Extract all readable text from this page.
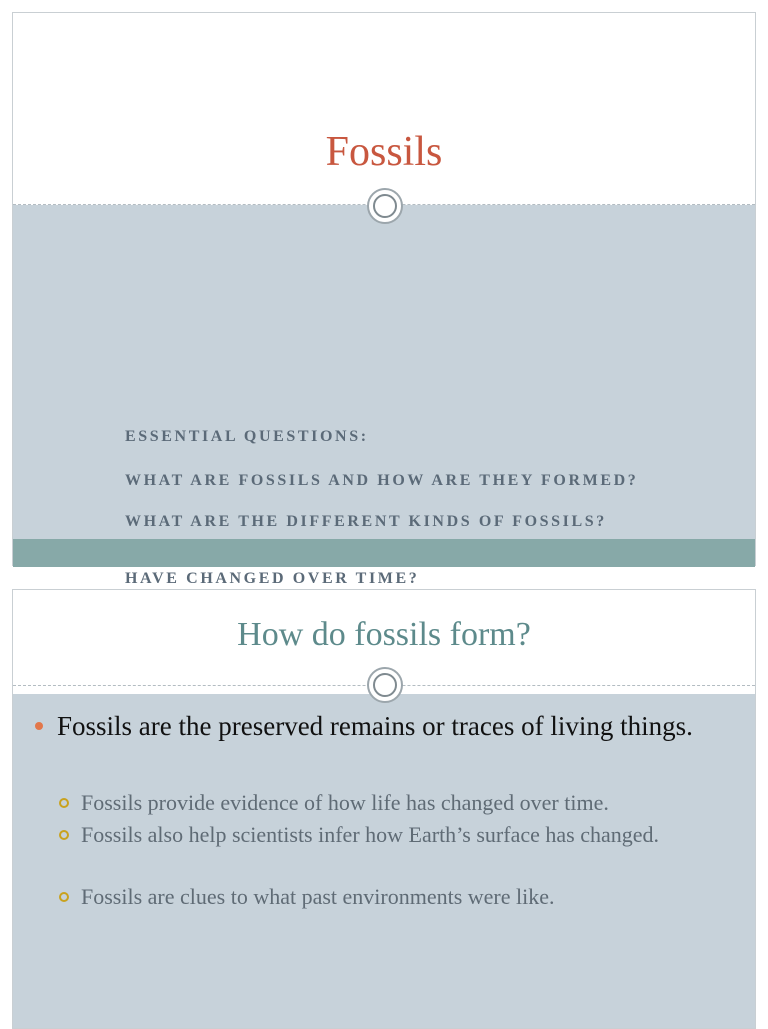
Fossils

ESSENTIAL QUESTIONS:

WHAT ARE FOSSILS AND HOW ARE THEY FORMED?

WHAT ARE THE DIFFERENT KINDS OF FOSSILS?

HAVE CHANGED OVER TIME?

How do fossils form?
Fossils are the preserved remains or traces of living things.
Fossils provide evidence of how life has changed over time.
Fossils also help scientists infer how Earth’s surface has changed.
Fossils are clues to what past environments were like.
